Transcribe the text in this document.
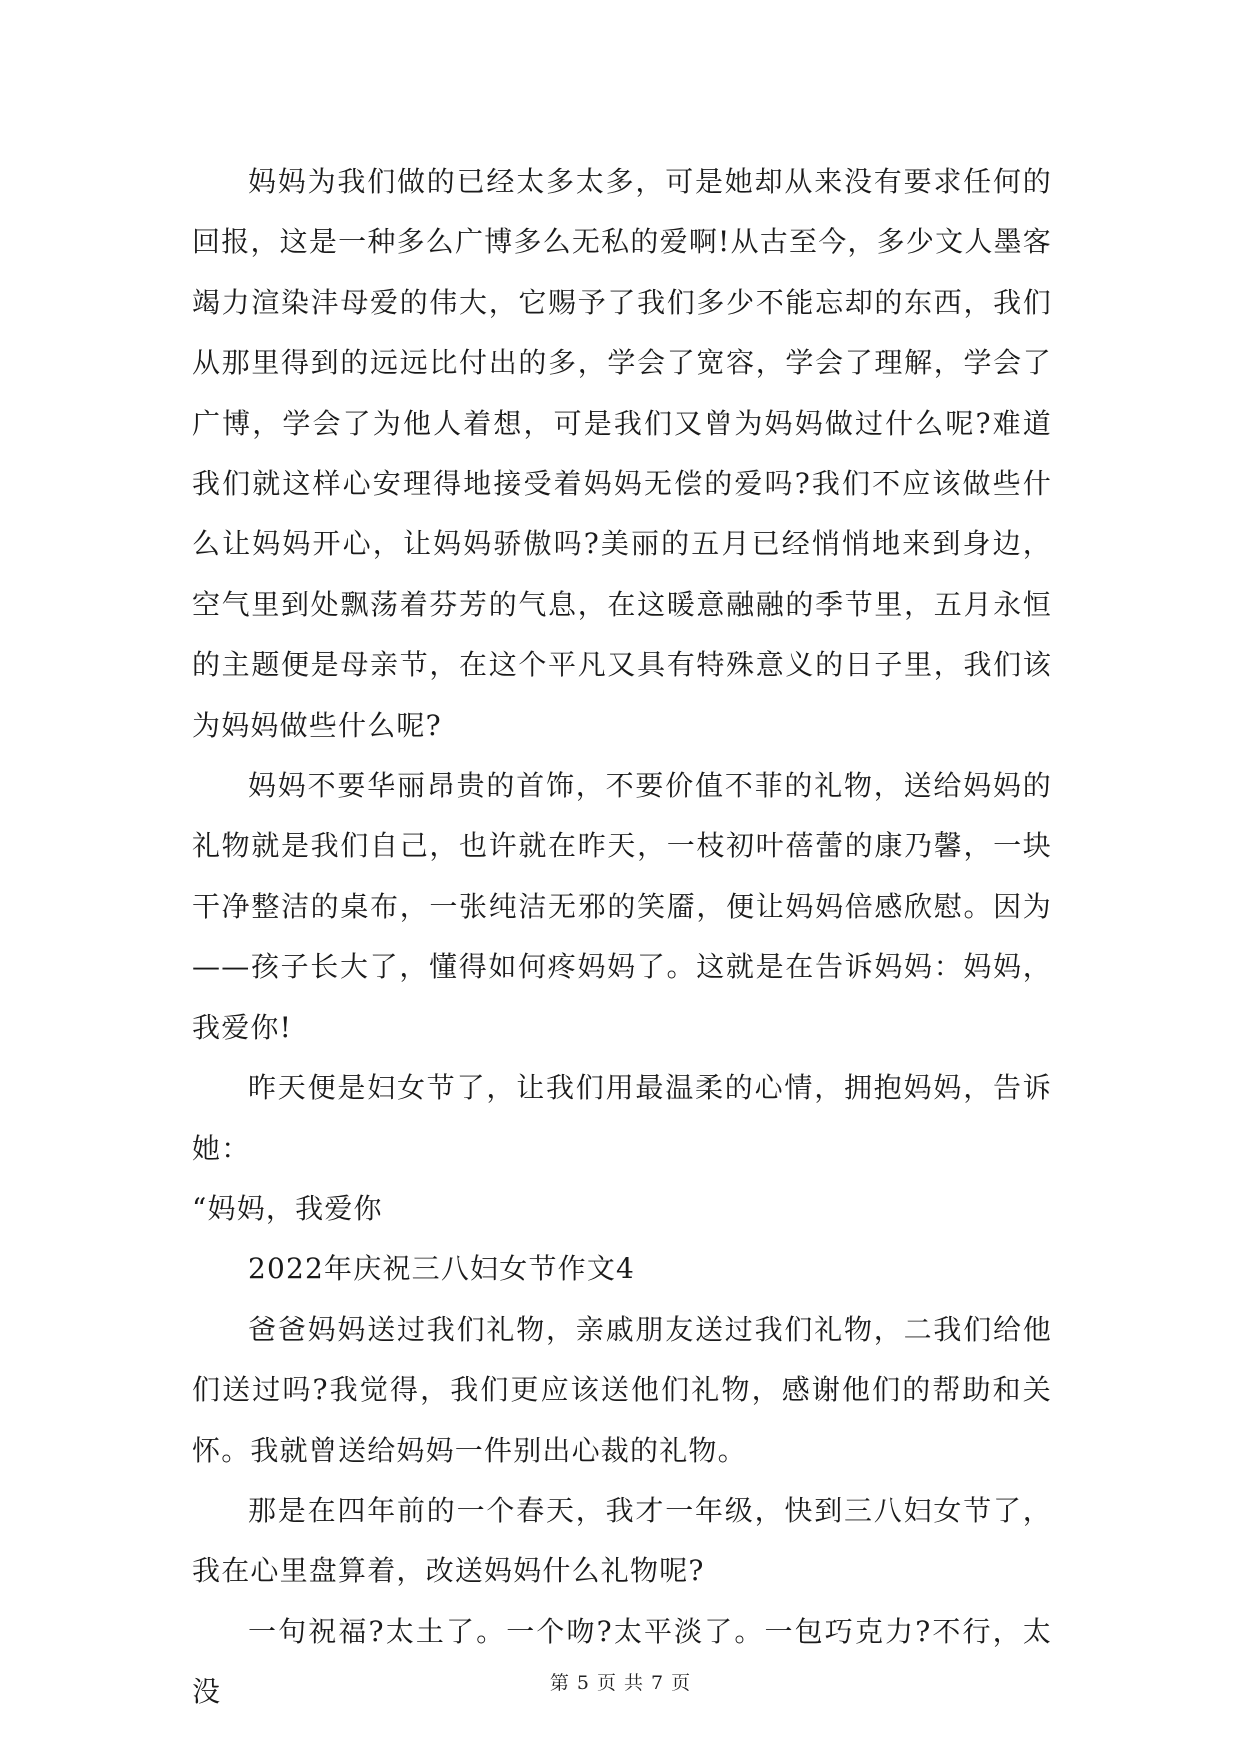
妈妈为我们做的已经太多太多，可是她却从来没有要求任何的回报，这是一种多么广博多么无私的爱啊!从古至今，多少文人墨客竭力渲染沣母爱的伟大，它赐予了我们多少不能忘却的东西，我们从那里得到的远远比付出的多，学会了宽容，学会了理解，学会了广博，学会了为他人着想，可是我们又曾为妈妈做过什么呢?难道我们就这样心安理得地接受着妈妈无偿的爱吗?我们不应该做些什么让妈妈开心，让妈妈骄傲吗?美丽的五月已经悄悄地来到身边，空气里到处飘荡着芬芳的气息，在这暖意融融的季节里，五月永恒的主题便是母亲节，在这个平凡又具有特殊意义的日子里，我们该为妈妈做些什么呢?

妈妈不要华丽昂贵的首饰，不要价值不菲的礼物，送给妈妈的礼物就是我们自己，也许就在昨天，一枝初叶蓓蕾的康乃馨，一块干净整洁的桌布，一张纯洁无邪的笑靥，便让妈妈倍感欣慰。因为——孩子长大了，懂得如何疼妈妈了。这就是在告诉妈妈：妈妈，我爱你!

昨天便是妇女节了，让我们用最温柔的心情，拥抱妈妈，告诉她：

“妈妈，我爱你

2022年庆祝三八妇女节作文4

爸爸妈妈送过我们礼物，亲戚朋友送过我们礼物，二我们给他们送过吗?我觉得，我们更应该送他们礼物，感谢他们的帮助和关怀。我就曾送给妈妈一件别出心裁的礼物。

那是在四年前的一个春天，我才一年级，快到三八妇女节了，我在心里盘算着，改送妈妈什么礼物呢?

一句祝福?太土了。一个吻?太平淡了。一包巧克力?不行，太没	第 5 页 共 7 页
